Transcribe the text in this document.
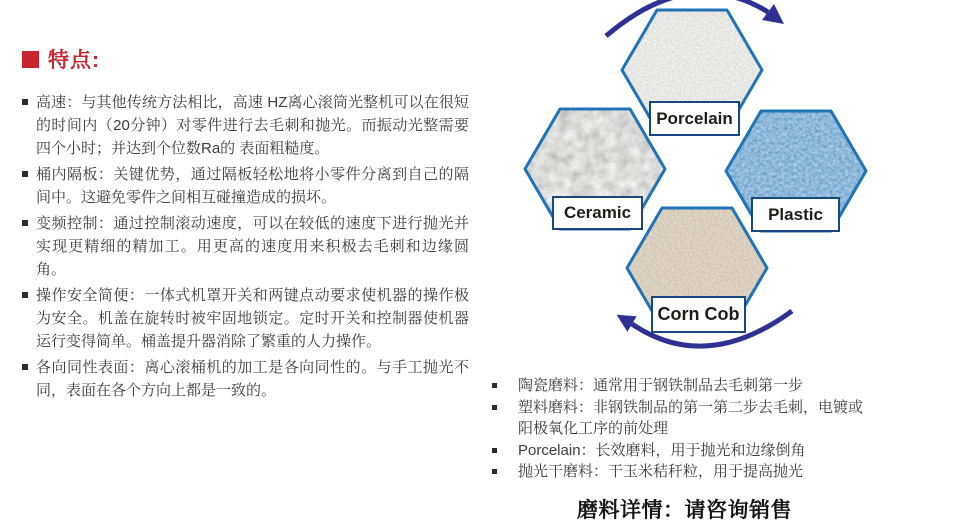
特点:
高速：与其他传统方法相比，高速 HZ离心滚筒光整机可以在很短的时间内（20分钟）对零件进行去毛刺和抛光。而振动光整需要四个小时；并达到个位数Ra的 表面粗糙度。
桶内隔板：关键优势，通过隔板轻松地将小零件分离到自己的隔间中。这避免零件之间相互碰撞造成的损坏。
变频控制：通过控制滚动速度，可以在较低的速度下进行抛光并实现更精细的精加工。用更高的速度用来积极去毛刺和边缘圆角。
操作安全简便：一体式机罩开关和两键点动要求使机器的操作极为安全。机盖在旋转时被牢固地锁定。定时开关和控制器使机器运行变得简单。桶盖提升器消除了繁重的人力操作。
各向同性表面：离心滚桶机的加工是各向同性的。与手工抛光不同，表面在各个方向上都是一致的。
Porcelain
Ceramic	Plastic
Corn Cob
陶瓷磨料：通常用于钢铁制品去毛刺第一步
塑料磨料：非钢铁制品的第一第二步去毛刺，电镀或阳极氧化工序的前处理
Porcelain：长效磨料，用于抛光和边缘倒角
抛光干磨料：干玉米秸秆粒，用于提高抛光
磨料详情：请咨询销售
